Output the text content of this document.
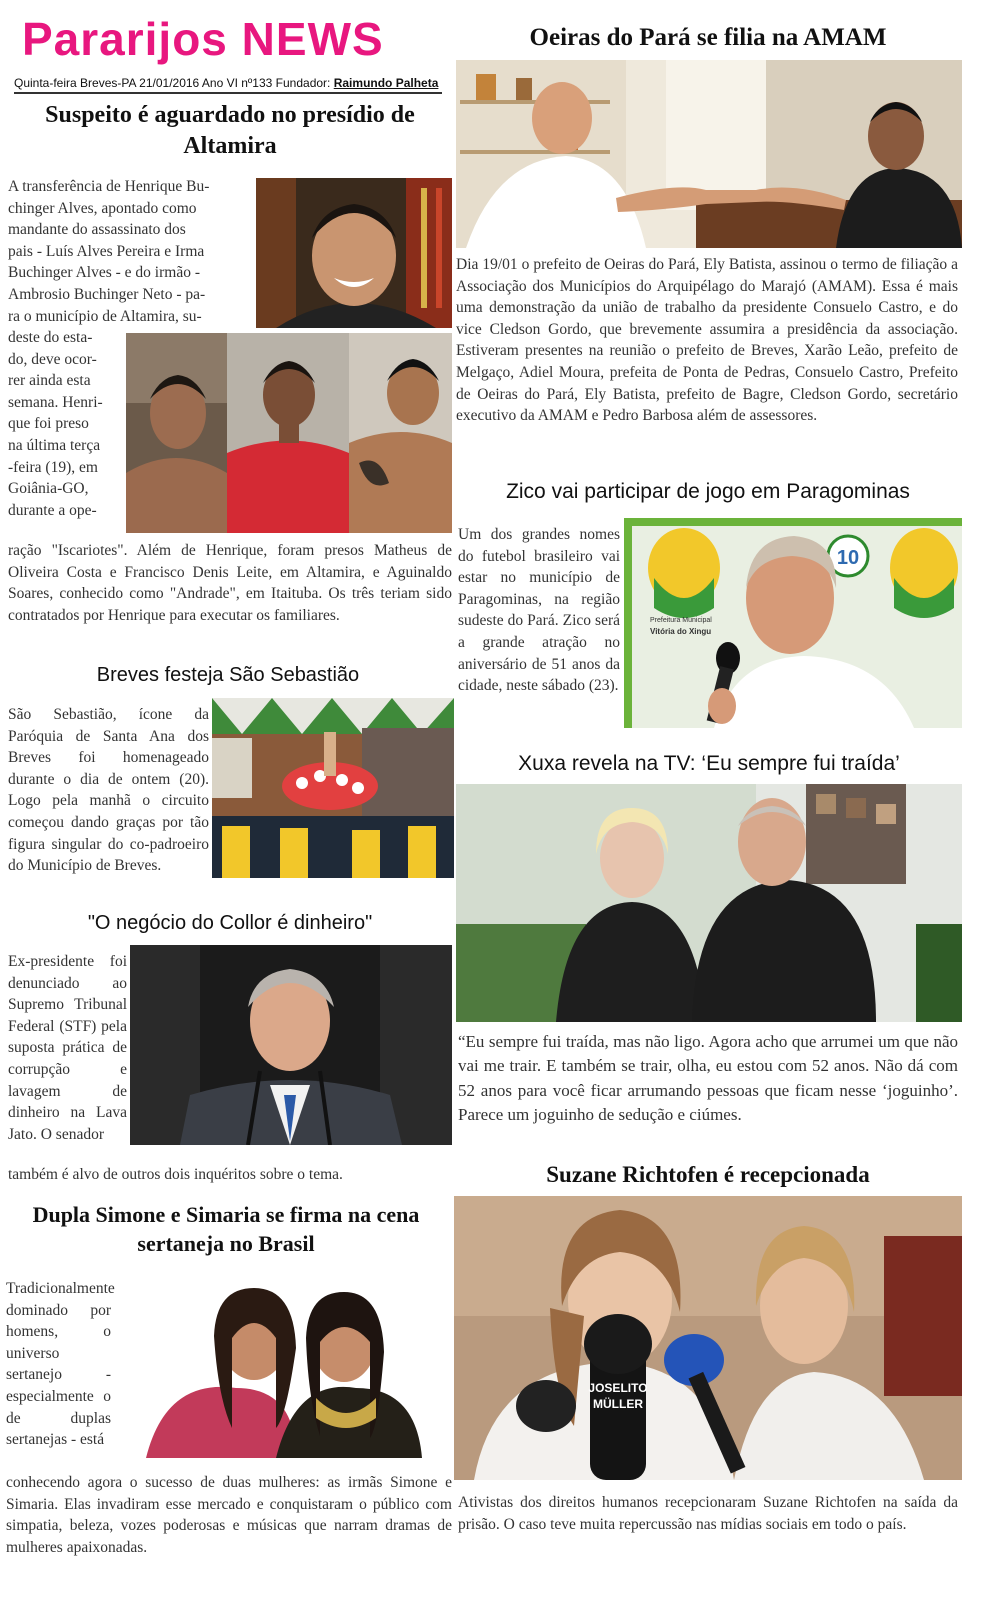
Pararijos NEWS
Quinta-feira Breves-PA 21/01/2016 Ano VI nº133 Fundador: Raimundo Palheta
Suspeito é aguardado no presídio de Altamira
A transferência de Henrique Bu-
chinger Alves, apontado como
mandante do assassinato dos
pais - Luís Alves Pereira e Irma
Buchinger Alves - e do irmão -
Ambrosio Buchinger Neto - pa-
ra o município de Altamira, su-
deste do esta-
do, deve ocor-
rer ainda esta
semana. Henri-
que foi preso
na última terça
-feira (19), em
Goiânia-GO,
durante a ope-
ração "Iscariotes". Além de Henrique, foram presos Matheus de Oliveira Costa e Francisco Denis Leite, em Altamira, e Aguinaldo Soares, conhecido como "Andrade", em Itaituba. Os três teriam sido contratados por Henrique para executar os familiares.
Breves festeja São Sebastião
São Sebastião, ícone da Paróquia de Santa Ana dos Breves foi homenageado durante o dia de ontem (20). Logo pela manhã o circuito começou dando graças por tão figura singular do co-padroeiro do Município de Breves.
"O negócio do Collor é dinheiro"
Ex-presidente foi denunciado ao Supremo Tribunal Federal (STF) pela suposta prática de corrupção e lavagem de dinheiro na Lava Jato. O senador
também é alvo de outros dois inquéritos sobre o tema.
Dupla Simone e Simaria se firma na cena sertaneja no Brasil
Tradicionalmente dominado por homens, o universo sertanejo - especialmente o de duplas sertanejas - está
conhecendo agora o sucesso de duas mulheres: as irmãs Simone e Simaria. Elas invadiram esse mercado e conquistaram o público com simpatia, beleza, vozes poderosas e músicas que narram dramas de mulheres apaixonadas.
Oeiras do Pará se filia na AMAM
Dia 19/01 o prefeito de Oeiras do Pará, Ely Batista, assinou o termo de filiação a Associação dos Municípios do Arquipélago do Marajó (AMAM). Essa é mais uma demonstração da união de trabalho da presidente Consuelo Castro, e do vice Cledson Gordo, que brevemente assumira a presidência da associação. Estiveram presentes na reunião o prefeito de Breves, Xarão Leão, prefeito de Melgaço, Adiel Moura, prefeita de Ponta de Pedras, Consuelo Castro, Prefeito de Oeiras do Pará, Ely Batista, prefeito de Bagre, Cledson Gordo, secretário executivo da AMAM e Pedro Barbosa além de assessores.
Zico vai participar de jogo em Paragominas
Um dos grandes nomes do futebol brasileiro vai estar no município de Paragominas, na região sudeste do Pará. Zico será a grande atração no aniversário de 51 anos da cidade, neste sábado (23).
10
Prefeitura Municipal
Vitória do Xingu
Xuxa revela na TV: ‘Eu sempre fui traída’
“Eu sempre fui traída, mas não ligo. Agora acho que arrumei um que não vai me trair. E também se trair, olha, eu estou com 52 anos. Não dá com 52 anos para você ficar arrumando pessoas que ficam nesse ‘joguinho’. Parece um joguinho de sedução e ciúmes.
Suzane Richtofen é recepcionada
JOSELITO
MÜLLER
Ativistas dos direitos humanos recepcionaram Suzane Richtofen na saída da prisão. O caso teve muita repercussão nas mídias sociais em todo o país.
